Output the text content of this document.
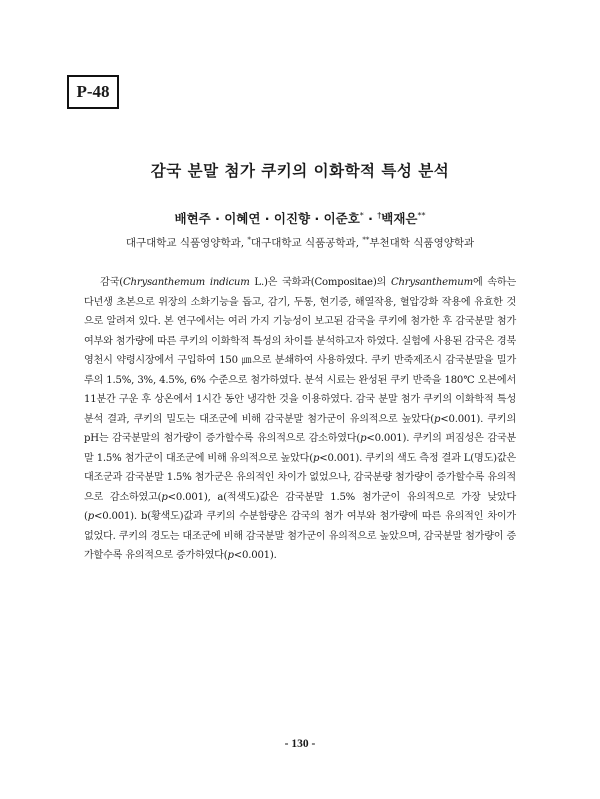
P-48
감국 분말 첨가 쿠키의 이화학적 특성 분석
배현주 · 이혜연 · 이진향 · 이준호* · †백재은**
대구대학교 식품영양학과, *대구대학교 식품공학과, **부천대학 식품영양학과

감국(Chrysanthemum indicum L.)은 국화과(Compositae)의 Chrysanthemum에 속하는 다년생 초본으로 위장의 소화기능을 돕고, 감기, 두통, 현기증, 해열작용, 혈압강화 작용에 유효한 것으로 알려져 있다. 본 연구에서는 여러 가지 기능성이 보고된 감국을 쿠키에 첨가한 후 감국분말 첨가 여부와 첨가량에 따른 쿠키의 이화학적 특성의 차이를 분석하고자 하였다. 실험에 사용된 감국은 경북 영천시 약령시장에서 구입하여 150 ㎛으로 분쇄하여 사용하였다. 쿠키 반죽제조시 감국분말을 밀가루의 1.5%, 3%, 4.5%, 6% 수준으로 첨가하였다. 분석 시료는 완성된 쿠키 반죽을 180℃ 오븐에서 11분간 구운 후 상온에서 1시간 동안 냉각한 것을 이용하였다. 감국 분말 첨가 쿠키의 이화학적 특성 분석 결과, 쿠키의 밀도는 대조군에 비해 감국분말 첨가군이 유의적으로 높았다(p<0.001). 쿠키의 pH는 감국분말의 첨가량이 증가할수록 유의적으로 감소하였다(p<0.001). 쿠키의 퍼짐성은 감국분말 1.5% 첨가군이 대조군에 비해 유의적으로 높았다(p<0.001). 쿠키의 색도 측정 결과 L(명도)값은 대조군과 감국분말 1.5% 첨가군은 유의적인 차이가 없었으나, 감국분량 첨가량이 증가할수록 유의적으로 감소하였고(p<0.001), a(적색도)값은 감국분말 1.5% 첨가군이 유의적으로 가장 낮았다(p<0.001). b(황색도)값과 쿠키의 수분함량은 감국의 첨가 여부와 첨가량에 따른 유의적인 차이가 없었다. 쿠키의 경도는 대조군에 비해 감국분말 첨가군이 유의적으로 높았으며, 감국분말 첨가량이 증가할수록 유의적으로 증가하였다(p<0.001).

- 130 -
